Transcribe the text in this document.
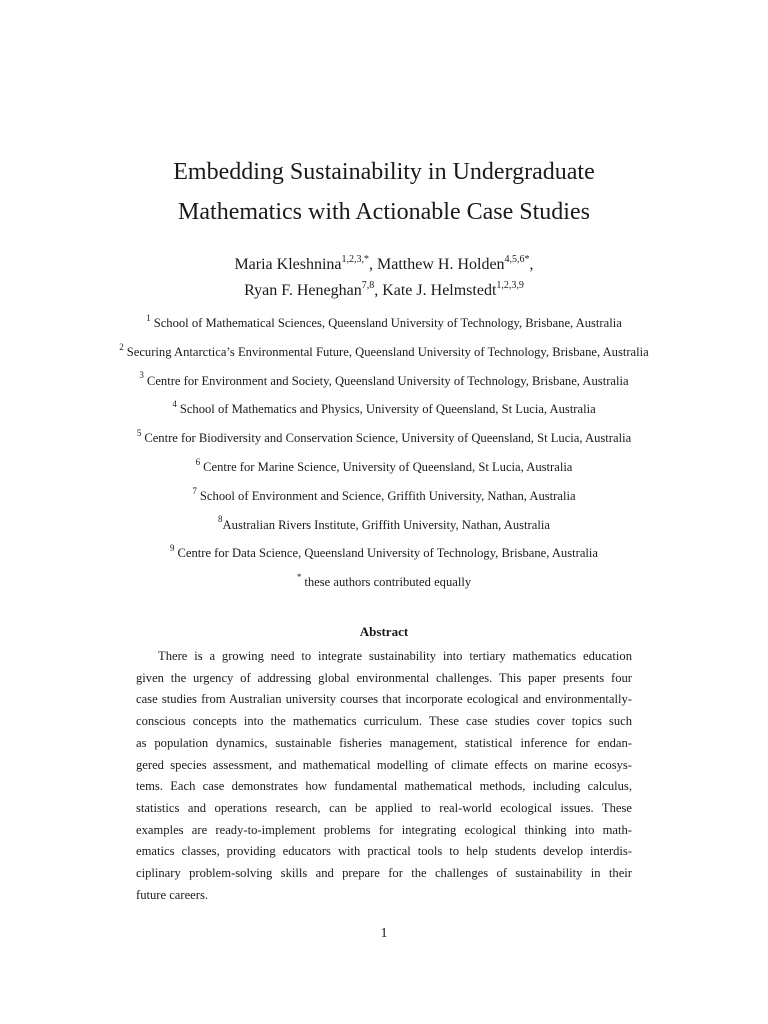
Embedding Sustainability in Undergraduate
Mathematics with Actionable Case Studies
Maria Kleshnina$^{1,2,3,*}$, Matthew H. Holden$^{4,5,6*}$,
Ryan F. Heneghan$^{7,8}$, Kate J. Helmstedt$^{1,2,3,9}$
$^1$ School of Mathematical Sciences, Queensland University of Technology, Brisbane, Australia
$^2$ Securing Antarctica’s Environmental Future, Queensland University of Technology, Brisbane, Australia
$^3$ Centre for Environment and Society, Queensland University of Technology, Brisbane, Australia
$^4$ School of Mathematics and Physics, University of Queensland, St Lucia, Australia
$^5$ Centre for Biodiversity and Conservation Science, University of Queensland, St Lucia, Australia
$^6$ Centre for Marine Science, University of Queensland, St Lucia, Australia
$^7$ School of Environment and Science, Griffith University, Nathan, Australia
$^8$Australian Rivers Institute, Griffith University, Nathan, Australia
$^9$ Centre for Data Science, Queensland University of Technology, Brisbane, Australia
* these authors contributed equally
Abstract
There is a growing need to integrate sustainability into tertiary mathematics education
given the urgency of addressing global environmental challenges. This paper presents four
case studies from Australian university courses that incorporate ecological and environmentally-
conscious concepts into the mathematics curriculum. These case studies cover topics such
as population dynamics, sustainable fisheries management, statistical inference for endan-
gered species assessment, and mathematical modelling of climate effects on marine ecosys-
tems. Each case demonstrates how fundamental mathematical methods, including calculus,
statistics and operations research, can be applied to real-world ecological issues. These
examples are ready-to-implement problems for integrating ecological thinking into math-
ematics classes, providing educators with practical tools to help students develop interdis-
ciplinary problem-solving skills and prepare for the challenges of sustainability in their
future careers.
1
